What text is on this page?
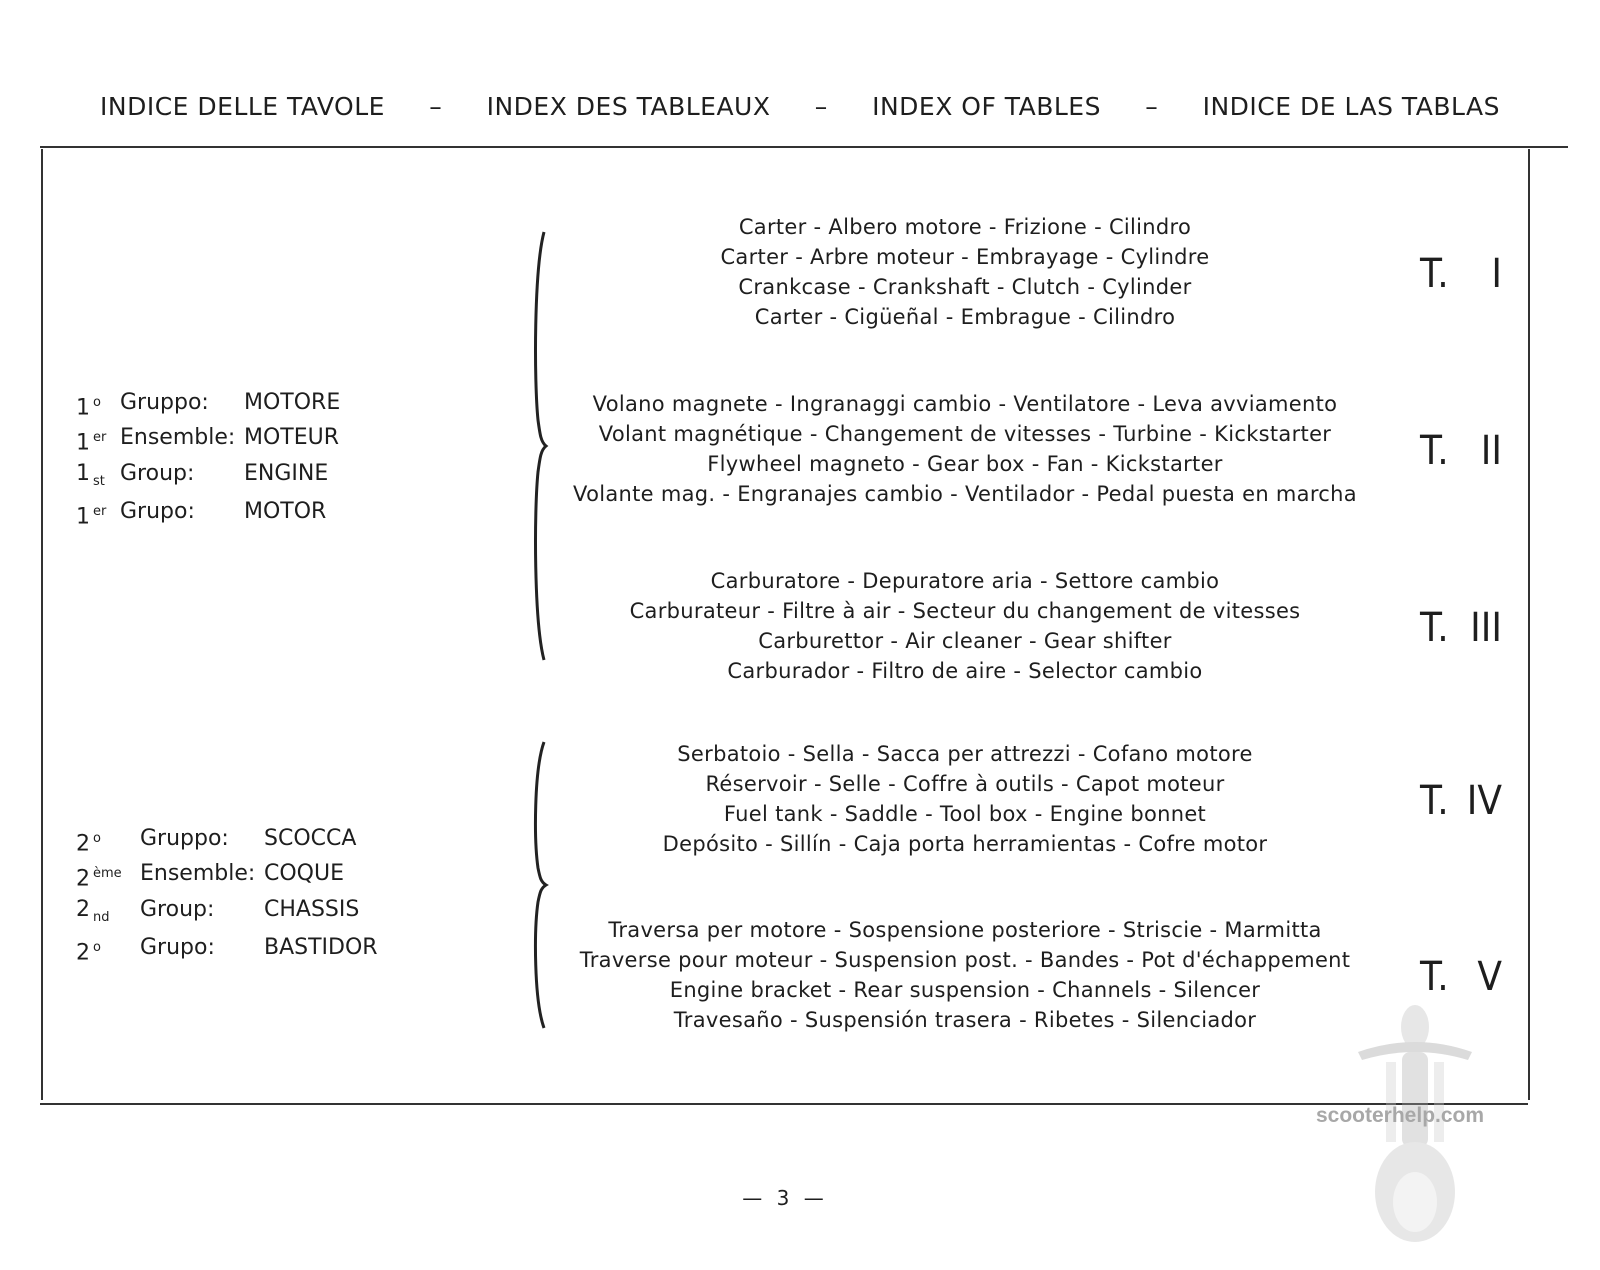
INDICE DELLE TAVOLE – INDEX DES TABLEAUX – INDEX OF TABLES – INDICE DE LAS TABLAS
1 $^o$ Gruppo:	MOTORE
1 $^{er}$ Ensemble: MOTEUR
1 $_{st}$ Group:	ENGINE
1 $^{er}$ Grupo:	MOTOR
2 $^o$	Gruppo:	SCOCCA
2 $^{ème}$ Ensemble: COQUE
2 $_{nd}$	Group:	CHASSIS
2 $^o$	Grupo:	BASTIDOR
Carter - Albero motore - Frizione - Cilindro
Carter - Arbre moteur - Embrayage - Cylindre
Crankcase - Crankshaft - Clutch - Cylinder
Carter - Cigüeñal - Embrague - Cilindro
T. I
Volano magnete - Ingranaggi cambio - Ventilatore - Leva avviamento
Volant magnétique - Changement de vitesses - Turbine - Kickstarter
Flywheel magneto - Gear box - Fan - Kickstarter
Volante mag. - Engranajes cambio - Ventilador - Pedal puesta en marcha
T. II
Carburatore - Depuratore aria - Settore cambio
Carburateur - Filtre à air - Secteur du changement de vitesses
Carburettor - Air cleaner - Gear shifter
Carburador - Filtro de aire - Selector cambio
T. III
Serbatoio - Sella - Sacca per attrezzi - Cofano motore
Réservoir - Selle - Coffre à outils - Capot moteur
Fuel tank - Saddle - Tool box - Engine bonnet
Depósito - Sillín - Caja porta herramientas - Cofre motor
T. IV
Traversa per motore - Sospensione posteriore - Striscie - Marmitta
Traverse pour moteur - Suspension post. - Bandes - Pot d'échappement
Engine bracket - Rear suspension - Channels - Silencer
Travesaño - Suspensión trasera - Ribetes - Silenciador
T. V
scooterhelp.com
— 3 —
